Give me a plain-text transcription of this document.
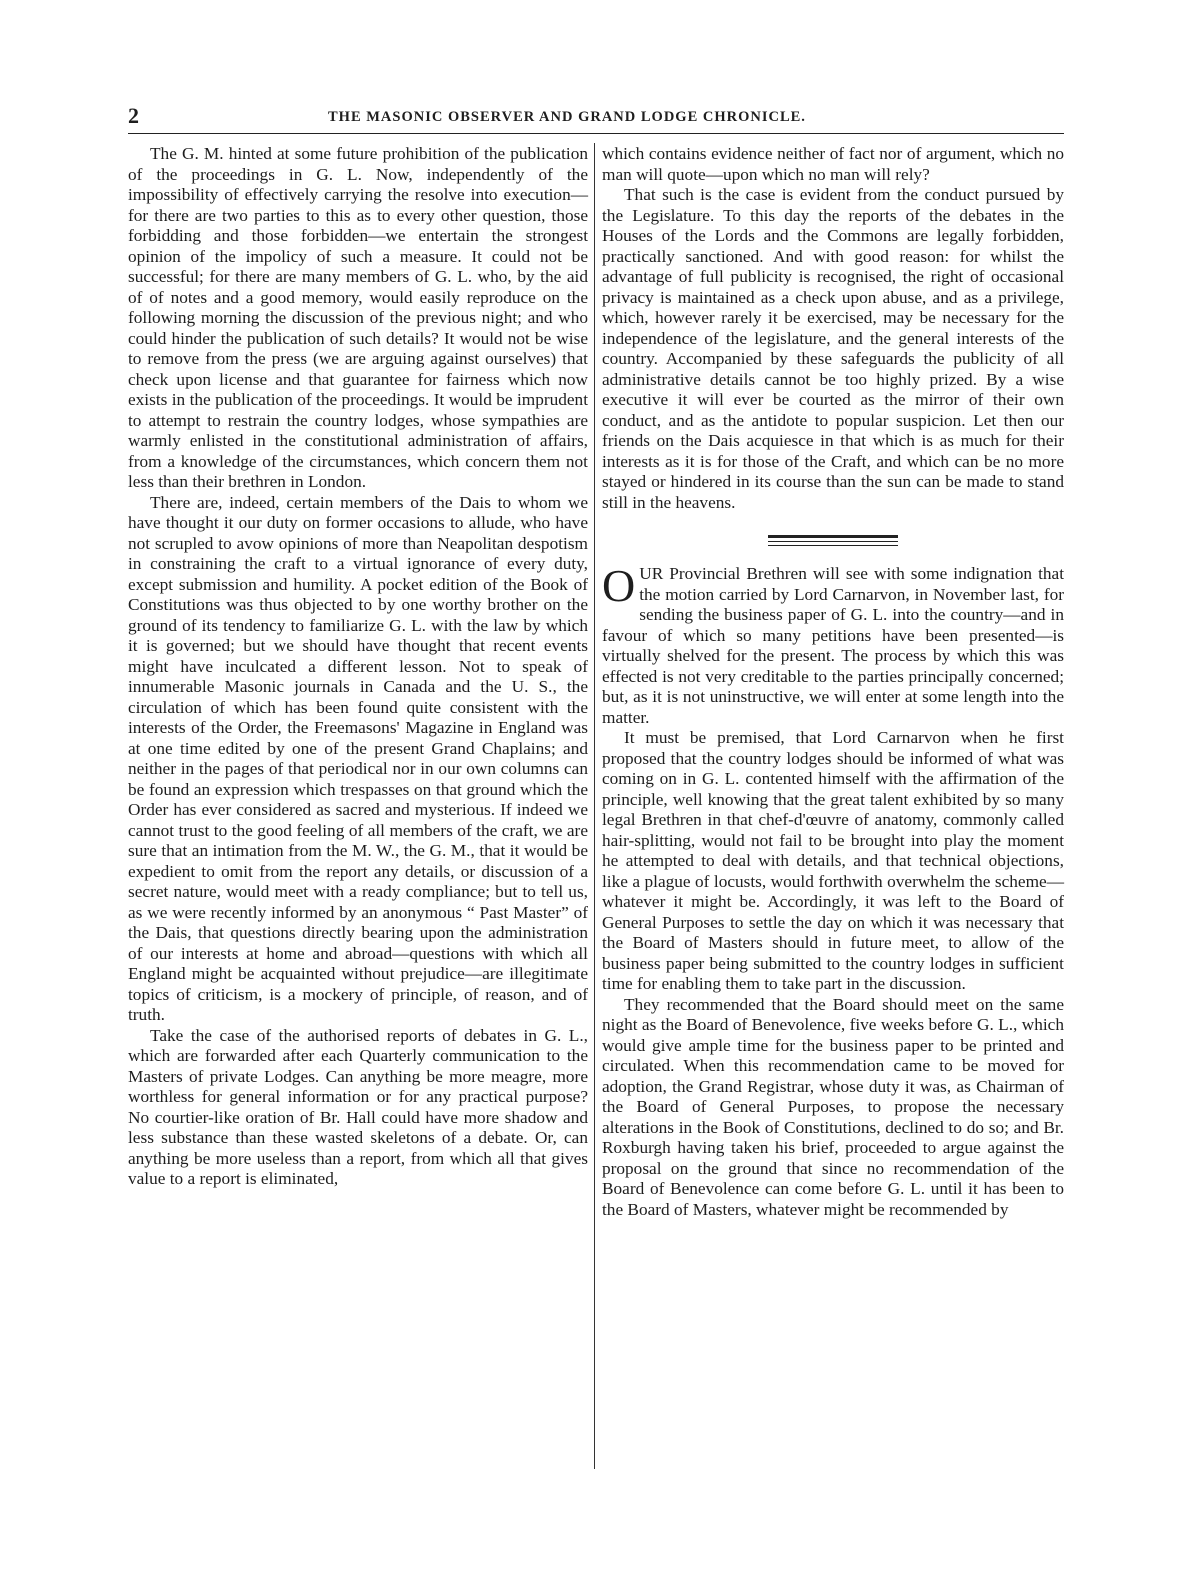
2	THE MASONIC OBSERVER AND GRAND LODGE CHRONICLE.

The G. M. hinted at some future prohibition of the publication of the proceedings in G. L. Now, independently of the impossibility of effectively carrying the resolve into execution—for there are two parties to this as to every other question, those forbidding and those forbidden—we entertain the strongest opinion of the impolicy of such a measure. It could not be successful; for there are many members of G. L. who, by the aid of of notes and a good memory, would easily reproduce on the following morning the discussion of the previous night; and who could hinder the publication of such details? It would not be wise to remove from the press (we are arguing against ourselves) that check upon license and that guarantee for fairness which now exists in the publication of the proceedings. It would be imprudent to attempt to restrain the country lodges, whose sympathies are warmly enlisted in the constitutional administration of affairs, from a knowledge of the circumstances, which concern them not less than their brethren in London.

There are, indeed, certain members of the Dais to whom we have thought it our duty on former occasions to allude, who have not scrupled to avow opinions of more than Neapolitan despotism in constraining the craft to a virtual ignorance of every duty, except submission and humility. A pocket edition of the Book of Constitutions was thus objected to by one worthy brother on the ground of its tendency to familiarize G. L. with the law by which it is governed; but we should have thought that recent events might have inculcated a different lesson. Not to speak of innumerable Masonic journals in Canada and the U. S., the circulation of which has been found quite consistent with the interests of the Order, the Freemasons' Magazine in England was at one time edited by one of the present Grand Chaplains; and neither in the pages of that periodical nor in our own columns can be found an expression which trespasses on that ground which the Order has ever considered as sacred and mysterious. If indeed we cannot trust to the good feeling of all members of the craft, we are sure that an intimation from the M. W., the G. M., that it would be expedient to omit from the report any details, or discussion of a secret nature, would meet with a ready compliance; but to tell us, as we were recently informed by an anonymous “ Past Master” of the Dais, that questions directly bearing upon the administration of our interests at home and abroad—questions with which all England might be acquainted without prejudice—are illegitimate topics of criticism, is a mockery of principle, of reason, and of truth.

Take the case of the authorised reports of debates in G. L., which are forwarded after each Quarterly communication to the Masters of private Lodges. Can anything be more meagre, more worthless for general information or for any practical purpose? No courtier-like oration of Br. Hall could have more shadow and less substance than these wasted skeletons of a debate. Or, can anything be more useless than a report, from which all that gives value to a report is eliminated,

which contains evidence neither of fact nor of argument, which no man will quote—upon which no man will rely?

That such is the case is evident from the conduct pursued by the Legislature. To this day the reports of the debates in the Houses of the Lords and the Commons are legally forbidden, practically sanctioned. And with good reason: for whilst the advantage of full publicity is recognised, the right of occasional privacy is maintained as a check upon abuse, and as a privilege, which, however rarely it be exercised, may be necessary for the independence of the legislature, and the general interests of the country. Accompanied by these safeguards the publicity of all administrative details cannot be too highly prized. By a wise executive it will ever be courted as the mirror of their own conduct, and as the antidote to popular suspicion. Let then our friends on the Dais acquiesce in that which is as much for their interests as it is for those of the Craft, and which can be no more stayed or hindered in its course than the sun can be made to stand still in the heavens.

OUR Provincial Brethren will see with some indignation that the motion carried by Lord Carnarvon, in November last, for sending the business paper of G. L. into the country—and in favour of which so many petitions have been presented—is virtually shelved for the present. The process by which this was effected is not very creditable to the parties principally concerned; but, as it is not uninstructive, we will enter at some length into the matter.

It must be premised, that Lord Carnarvon when he first proposed that the country lodges should be informed of what was coming on in G. L. contented himself with the affirmation of the principle, well knowing that the great talent exhibited by so many legal Brethren in that chef-d'œuvre of anatomy, commonly called hair-splitting, would not fail to be brought into play the moment he attempted to deal with details, and that technical objections, like a plague of locusts, would forthwith overwhelm the scheme—whatever it might be. Accordingly, it was left to the Board of General Purposes to settle the day on which it was necessary that the Board of Masters should in future meet, to allow of the business paper being submitted to the country lodges in sufficient time for enabling them to take part in the discussion.

They recommended that the Board should meet on the same night as the Board of Benevolence, five weeks before G. L., which would give ample time for the business paper to be printed and circulated. When this recommendation came to be moved for adoption, the Grand Registrar, whose duty it was, as Chairman of the Board of General Purposes, to propose the necessary alterations in the Book of Constitutions, declined to do so; and Br. Roxburgh having taken his brief, proceeded to argue against the proposal on the ground that since no recommendation of the Board of Benevolence can come before G. L. until it has been to the Board of Masters, whatever might be recommended by
